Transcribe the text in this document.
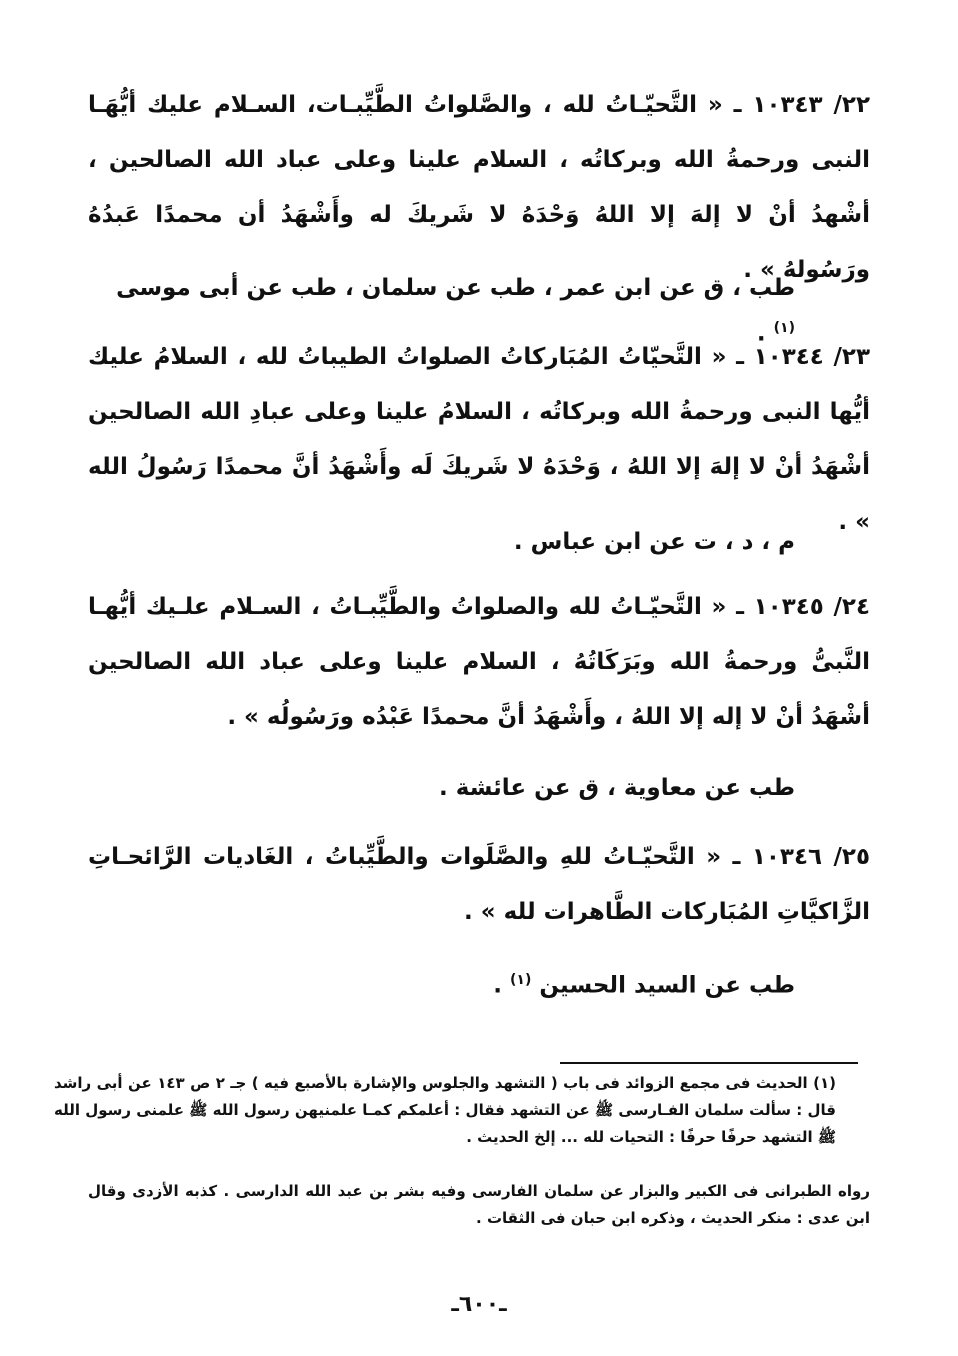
٢٢/ ١٠٣٤٣ ـ « التَّحيّـاتُ لله ، والصَّلواتُ الطَّيِّبـات، السـلام عليك أيُّهَـا النبى ورحمةُ الله وبركاتُه ، السلام علينا وعلى عباد الله الصالحين ، أشْهدُ أنْ لا إلهَ إلا اللهُ وَحْدَهُ لا شَريكَ له وأَشْهَدُ أن محمدًا عَبدُهُ ورَسُولهُ » .

طب ، ق عن ابن عمر ، طب عن سلمان ، طب عن أبى موسى $^{(١)}$ .

٢٣/ ١٠٣٤٤ ـ « التَّحيّاتُ المُبَاركاتُ الصلواتُ الطيباتُ لله ، السلامُ عليك أيُّها النبى ورحمةُ الله وبركاتُه ، السلامُ علينا وعلى عبادِ الله الصالحين أشْهَدُ أنْ لا إلهَ إلا اللهُ ، وَحْدَهُ لا شَريكَ لَه وأَشْهَدُ أنَّ محمدًا رَسُولُ الله » .

م ، د ، ت عن ابن عباس .

٢٤/ ١٠٣٤٥ ـ « التَّحيّـاتُ لله والصلواتُ والطَّيِّبـاتُ ، السـلام علـيك أيُّهـا النَّبىُّ ورحمةُ الله وبَرَكَاتُهُ ، السلام علينا وعلى عباد الله الصالحين أشْهَدُ أنْ لا إله إلا اللهُ ، وأَشْهَدُ أنَّ محمدًا عَبْدُه ورَسُولُه » .

طب عن معاوية ، ق عن عائشة .

٢٥/ ١٠٣٤٦ ـ « التَّحيّـاتُ للهِ والصَّلَوات والطَّيِّباتُ ، الغَاديات الرَّائحـاتِ الزَّاكيَّاتِ المُبَاركات الطَّاهرات لله » .

طب عن السيد الحسين $^{(١)}$ .

(١) الحديث فى مجمع الزوائد فى باب ( التشهد والجلوس والإشارة بالأصبع فيه ) جـ ٢ ص ١٤٣ عن أبى راشد قال : سألت سلمان الفـارسى ﷺ عن التشهد فقال : أعلمكم كمـا علمنيهن رسول الله ﷺ علمنى رسول الله ﷺ التشهد حرفًا حرفًا : التحيات لله ... إلخ الحديث .

رواه الطبرانى فى الكبير والبزار عن سلمان الفارسى وفيه بشر بن عبد الله الدارسى . كذبه الأزدى وقال ابن عدى : منكر الحديث ، وذكره ابن حبان فى الثقات .

ـ٦٠٠ـ
